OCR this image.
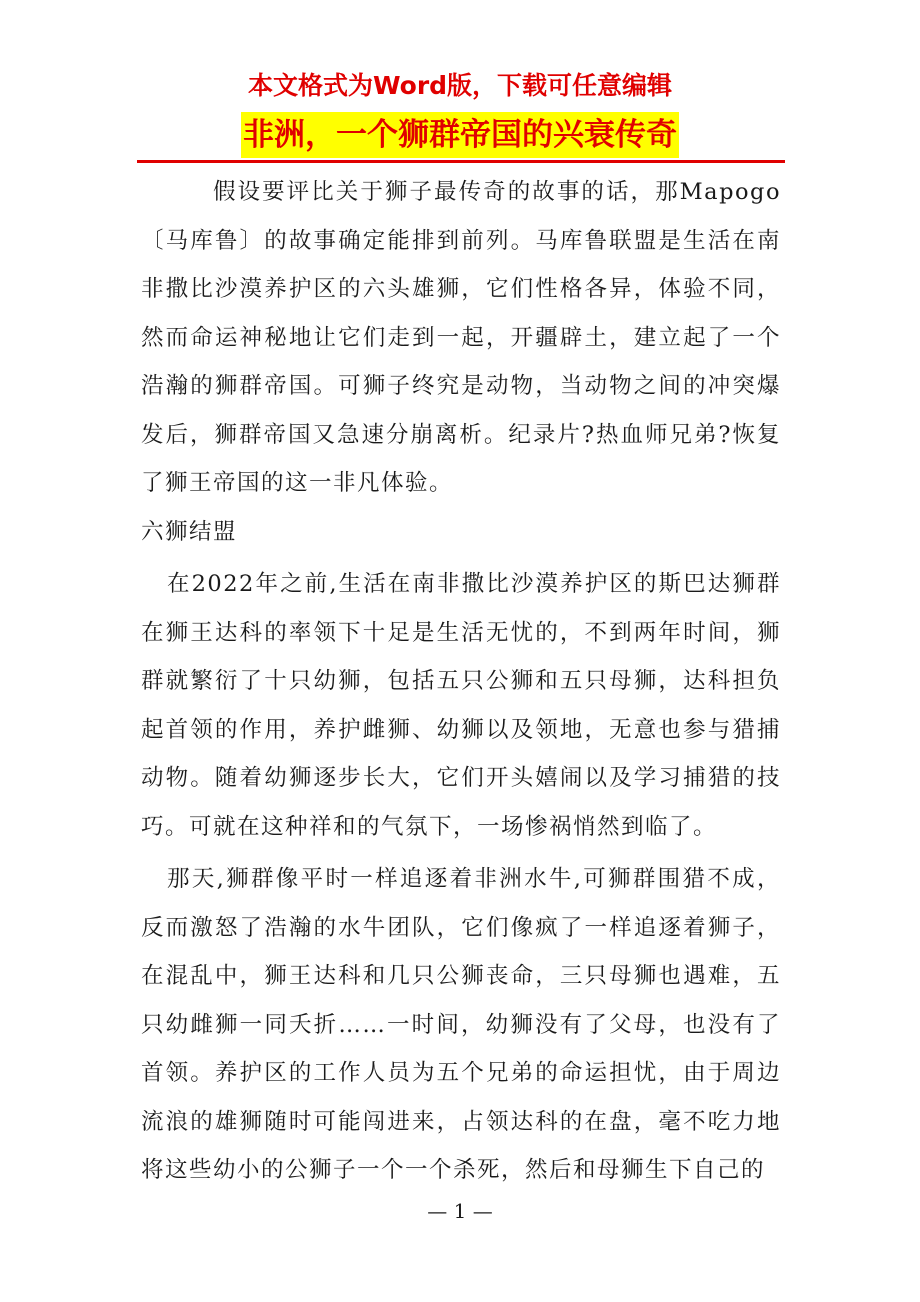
本文格式为Word版，下载可任意编辑
非洲，一个狮群帝国的兴衰传奇

假设要评比关于狮子最传奇的故事的话，那Mapogo〔马库鲁〕的故事确定能排到前列。马库鲁联盟是生活在南非撒比沙漠养护区的六头雄狮，它们性格各异，体验不同，然而命运神秘地让它们走到一起，开疆辟土，建立起了一个浩瀚的狮群帝国。可狮子终究是动物，当动物之间的冲突爆发后，狮群帝国又急速分崩离析。纪录片?热血师兄弟?恢复了狮王帝国的这一非凡体验。

六狮结盟

在2022年之前,生活在南非撒比沙漠养护区的斯巴达狮群在狮王达科的率领下十足是生活无忧的，不到两年时间，狮群就繁衍了十只幼狮，包括五只公狮和五只母狮，达科担负起首领的作用，养护雌狮、幼狮以及领地，无意也参与猎捕动物。随着幼狮逐步长大，它们开头嬉闹以及学习捕猎的技巧。可就在这种祥和的气氛下，一场惨祸悄然到临了。

那天,狮群像平时一样追逐着非洲水牛,可狮群围猎不成，反而激怒了浩瀚的水牛团队，它们像疯了一样追逐着狮子，在混乱中，狮王达科和几只公狮丧命，三只母狮也遇难，五只幼雌狮一同夭折……一时间，幼狮没有了父母，也没有了首领。养护区的工作人员为五个兄弟的命运担忧，由于周边流浪的雄狮随时可能闯进来，占领达科的在盘，毫不吃力地将这些幼小的公狮子一个一个杀死，然后和母狮生下自己的

— 1 —
